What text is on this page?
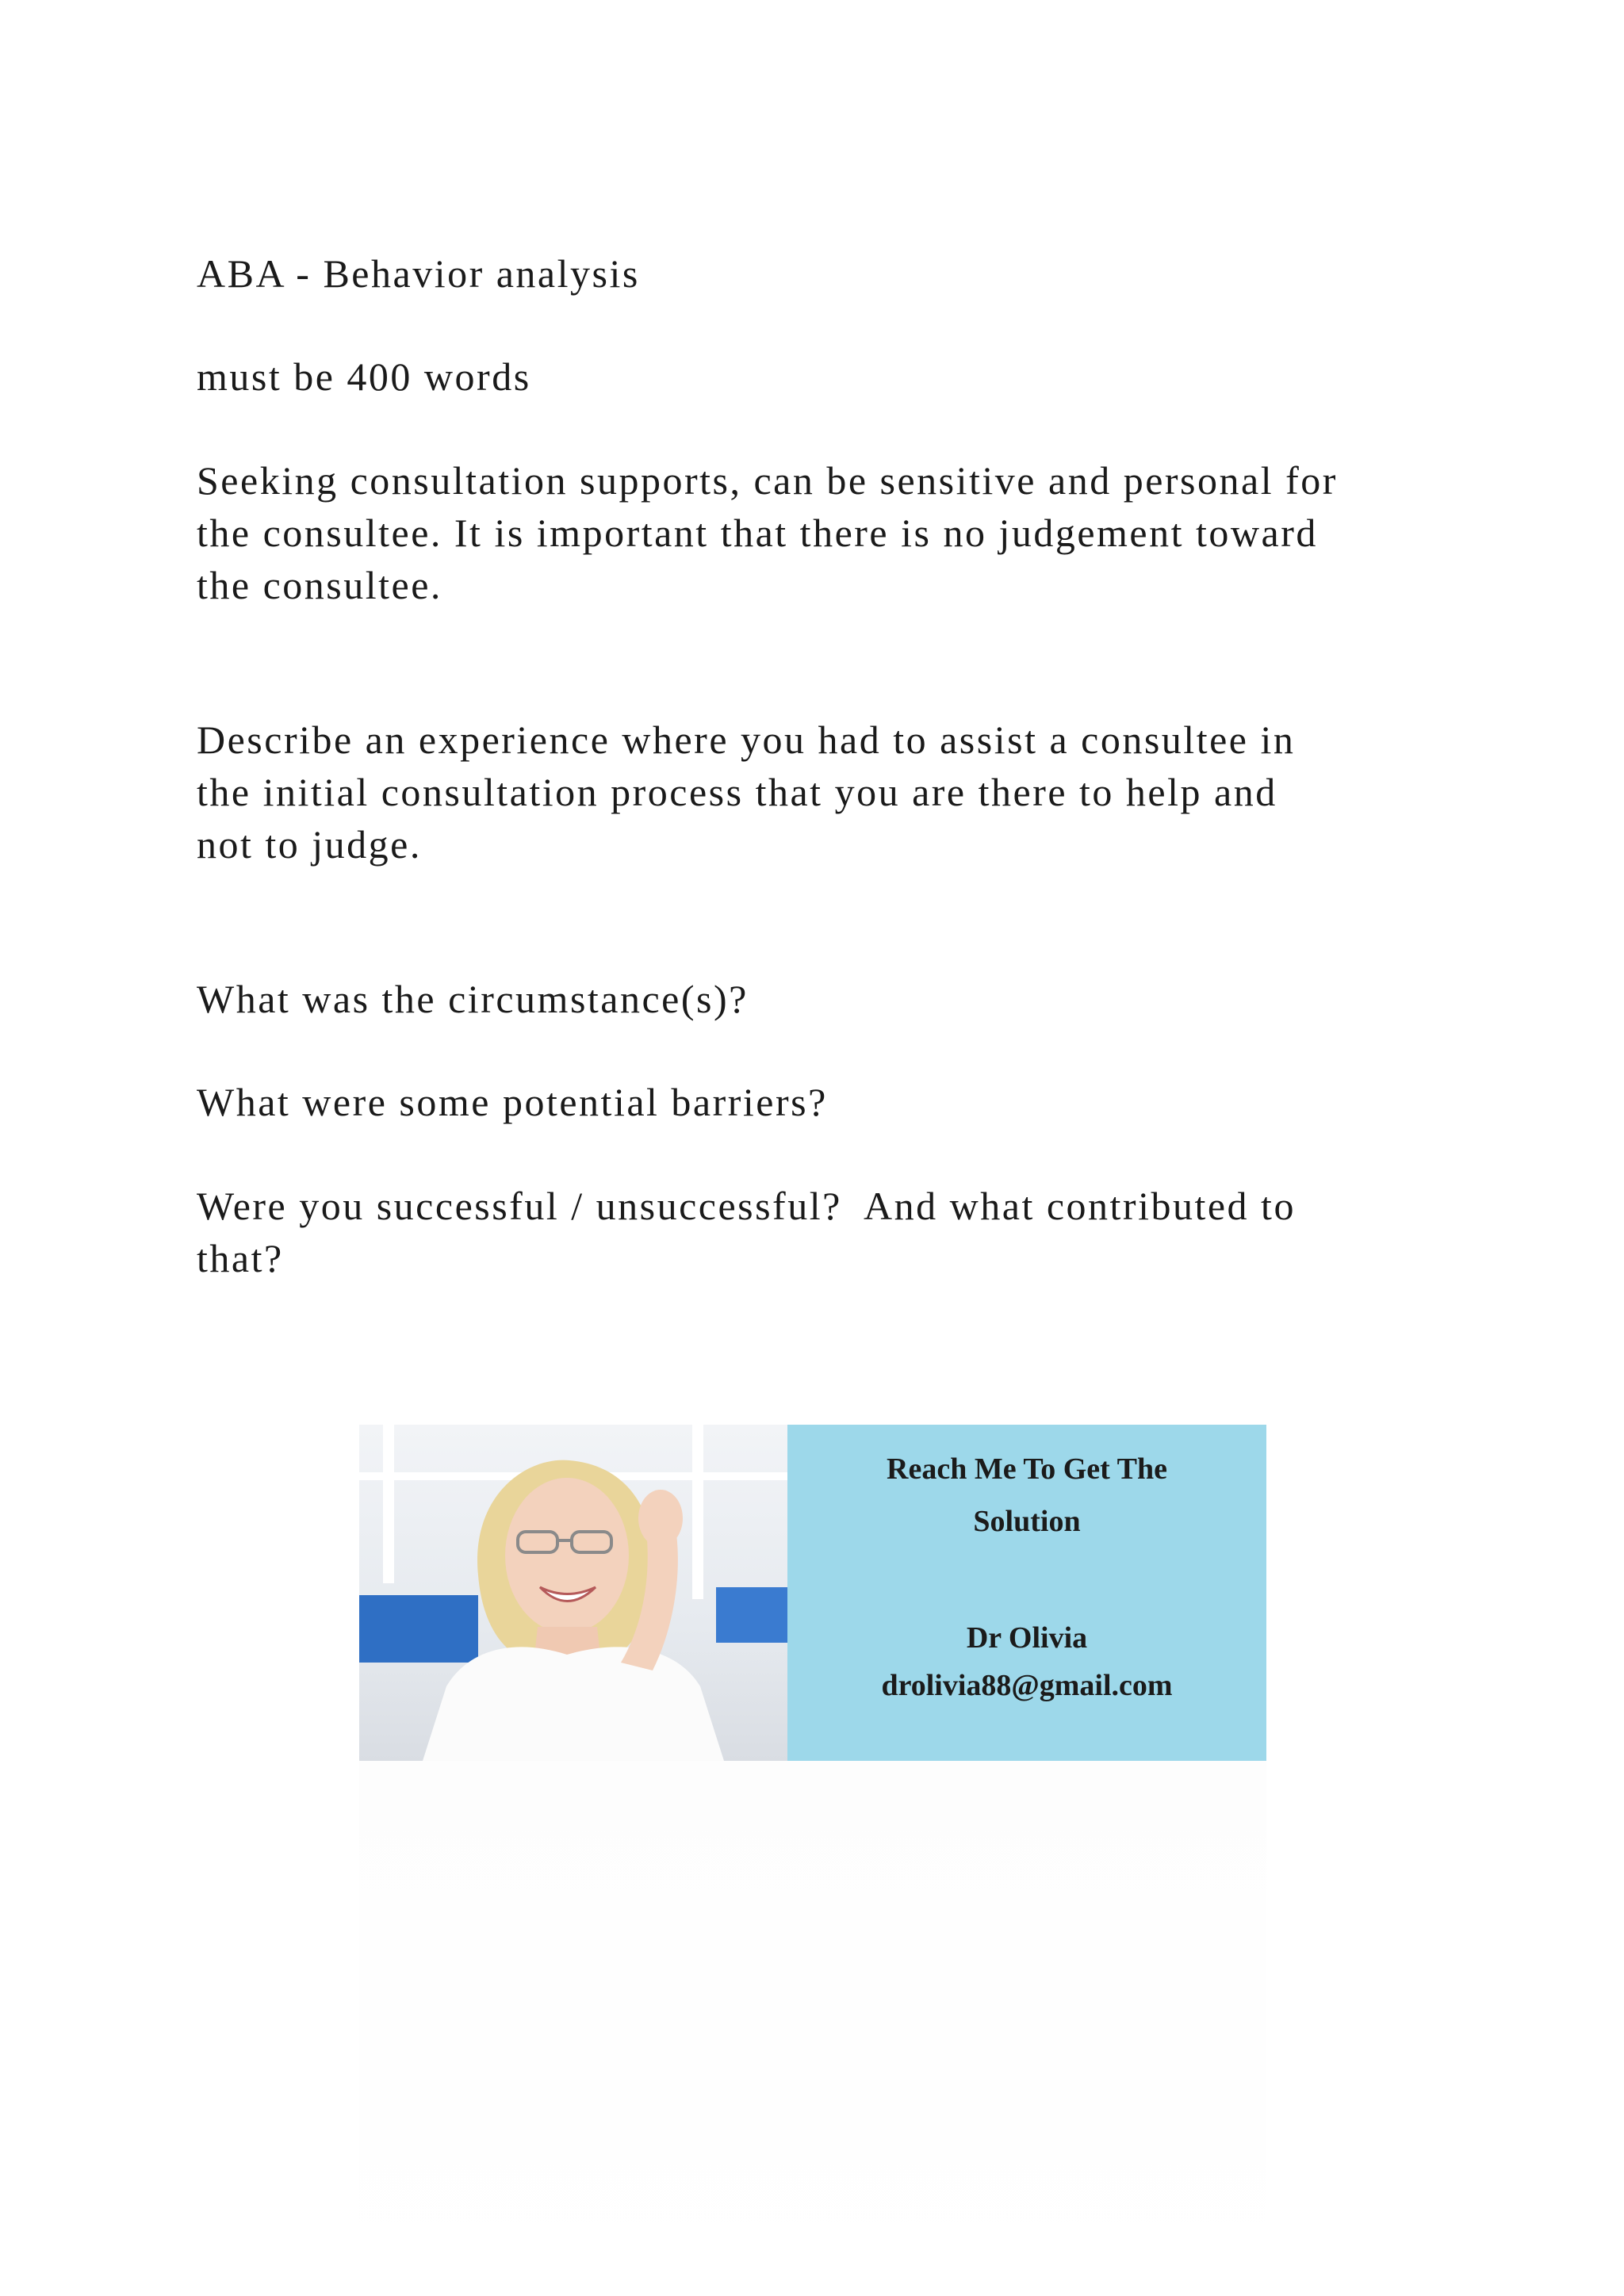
ABA - Behavior analysis

must be 400 words

Seeking consultation supports, can be sensitive and personal for
the consultee. It is important that there is no judgement toward
the consultee.

Describe an experience where you had to assist a consultee in
the initial consultation process that you are there to help and
not to judge.

What was the circumstance(s)?

What were some potential barriers?

Were you successful / unsuccessful?  And what contributed to
that?

Reach Me To Get The
Solution
Dr Olivia
drolivia88@gmail.com
